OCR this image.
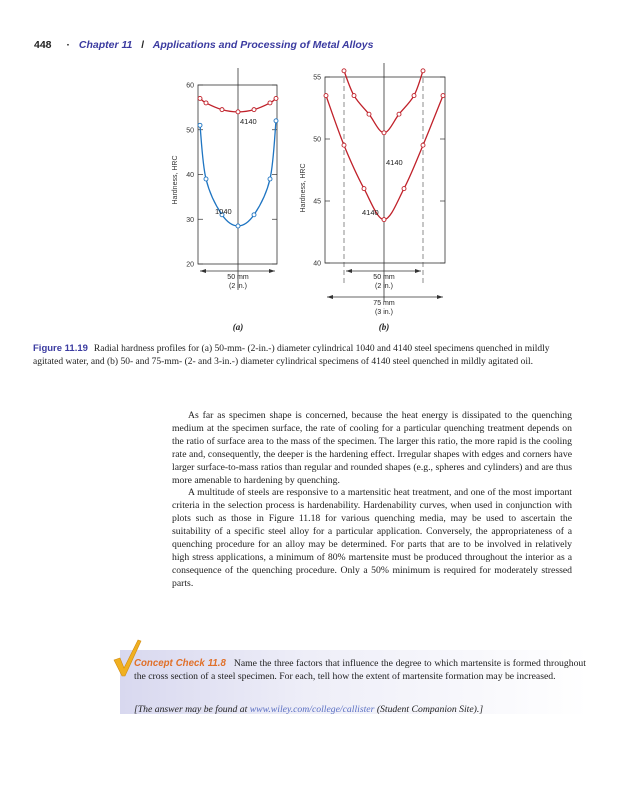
448 · Chapter 11 / Applications and Processing of Metal Alloys
20
30
40
50
60
Hardness, HRC
4140
1040
50 mm
(2 in.)
(a)
40
45
50
55
Hardness, HRC
4140
4140
50 mm
(2 in.)
75 mm
(3 in.)
(b)
Figure 11.19 Radial hardness profiles for (a) 50-mm- (2-in.-) diameter cylindrical 1040 and 4140 steel specimens quenched in mildly agitated water, and (b) 50- and 75-mm- (2- and 3-in.-) diameter cylindrical specimens of 4140 steel quenched in mildly agitated oil.

As far as specimen shape is concerned, because the heat energy is dissipated to the quenching medium at the specimen surface, the rate of cooling for a particular quenching treatment depends on the ratio of surface area to the mass of the specimen. The larger this ratio, the more rapid is the cooling rate and, consequently, the deeper is the hardening effect. Irregular shapes with edges and corners have larger surface-to-mass ratios than regular and rounded shapes (e.g., spheres and cylinders) and are thus more amenable to hardening by quenching.

A multitude of steels are responsive to a martensitic heat treatment, and one of the most important criteria in the selection process is hardenability. Hardenability curves, when used in conjunction with plots such as those in Figure 11.18 for various quenching media, may be used to ascertain the suitability of a specific steel alloy for a particular application. Conversely, the appropriateness of a quenching procedure for an alloy may be determined. For parts that are to be involved in relatively high stress applications, a minimum of 80% martensite must be produced throughout the interior as a consequence of the quenching procedure. Only a 50% minimum is required for moderately stressed parts.

Concept Check 11.8 Name the three factors that influence the degree to which martensite is formed throughout the cross section of a steel specimen. For each, tell how the extent of martensite formation may be increased.
[The answer may be found at www.wiley.com/college/callister (Student Companion Site).]
